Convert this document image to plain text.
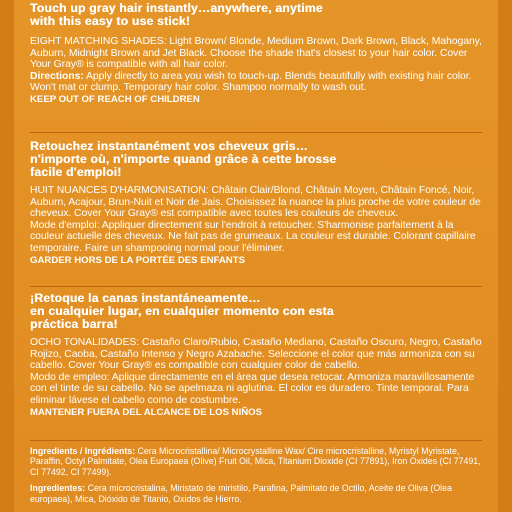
Touch up gray hair instantly…anywhere, anytime

with this easy to use stick!

EIGHT MATCHING SHADES: Light Brown/ Blonde, Medium Brown, Dark Brown, Black, Mahogany, Auburn, Midnight Brown and Jet Black. Choose the shade that's closest to your hair color. Cover Your Gray® is compatible with all hair color.

Directions: Apply directly to area you wish to touch-up. Blends beautifully with existing hair color. Won't mat or clump. Temporary hair color. Shampoo normally to wash out.

KEEP OUT OF REACH OF CHILDREN

Retouchez instantanément vos cheveux gris…

n'importe où, n'importe quand grâce à cette brosse

facile d'emploi!

HUIT NUANCES D'HARMONISATION: Châtain Clair/Blond, Châtain Moyen, Châtain Foncé, Noir, Auburn, Acajour, Brun-Nuit et Noir de Jais. Choisissez la nuance la plus proche de votre couleur de cheveux. Cover Your Gray® est compatible avec toutes les couleurs de cheveux.

Mode d'emploi: Appliquer directement sur l'endroit à retoucher. S'harmonise parfaitement à la couleur actuelle des cheveux. Ne fait pas de grumeaux. La couleur est durable. Colorant capillaire temporaire. Faire un shampooing normal pour l'éliminer.

GARDER HORS DE LA PORTÉE DES ENFANTS

¡Retoque la canas instantáneamente…

en cualquier lugar, en cualquier momento con esta

práctica barra!

OCHO TONALIDADES: Castaño Claro/Rubio, Castaño Mediano, Castaño Oscuro, Negro, Castaño Rojizo, Caoba, Castaño Intenso y Negro Azabache. Seleccione el color que más armoniza con su cabello. Cover Your Gray® es compatible con cualquier color de cabello.

Modo de empleo: Aplique directamente en el área que desea retocar. Armoniza maravillosamente con el tinte de su cabello. No se apelmaza ni aglutina. El color es duradero. Tinte temporal. Para eliminar lávese el cabello como de costumbre.

MANTENER FUERA DEL ALCANCE DE LOS NIÑOS

Ingredients / Ingrédients: Cera Microcristallina/ Microcrystalline Wax/ Cire microcristalline, Myristyl Myristate, Paraffin, Octyl Palmitate, Olea Europaea (Olive) Fruit Oil, Mica, Titanium Dioxide (CI 77891), Iron Oxides (CI 77491, CI 77492, CI 77499).

Ingredientes: Cera microcristalina, Miristato de miristilo, Parafina, Palmitato de Octilo, Aceite de Oliva (Olea europaea), Mica, Dióxido de Titanio, Oxidos de Hierro.
